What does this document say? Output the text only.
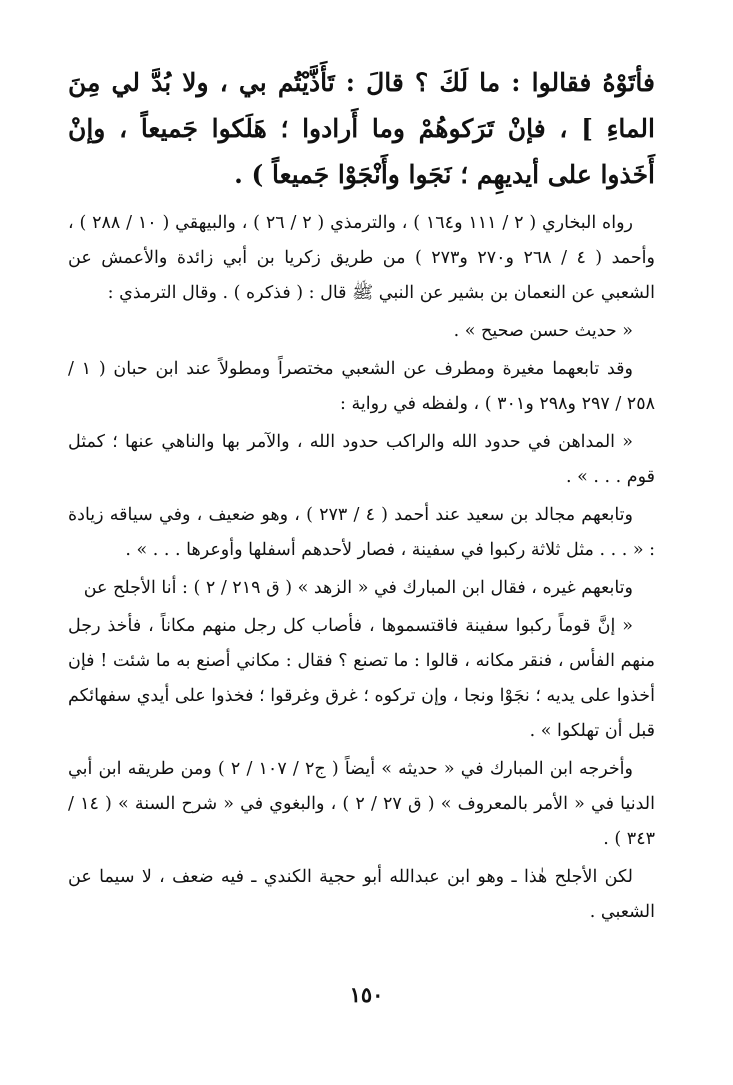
فأتَوْهُ فقالوا : ما لَكَ ؟ قالَ : تَأَذَّيْتُم بي ، ولا بُدَّ لي مِنَ الماءِ ] ، فإنْ تَرَكوهُمْ وما أَرادوا ؛ هَلَكوا جَميعاً ، وإنْ أَخَذوا على أيديهِم ؛ نَجَوا وأَنْجَوْا جَميعاً ) .

رواه البخاري ( ٢ / ١١١ و١٦٤ ) ، والترمذي ( ٢ / ٢٦ ) ، والبيهقي ( ١٠ / ٢٨٨ ) ، وأحمد ( ٤ / ٢٦٨ و٢٧٠ و٢٧٣ ) من طريق زكريا بن أبي زائدة والأعمش عن الشعبي عن النعمان بن بشير عن النبي ﷺ قال : ( فذكره ) . وقال الترمذي :

« حديث حسن صحيح » .

وقد تابعهما مغيرة ومطرف عن الشعبي مختصراً ومطولاً عند ابن حبان ( ١ / ٢٥٨ / ٢٩٧ و٢٩٨ و٣٠١ ) ، ولفظه في رواية :

« المداهن في حدود الله والراكب حدود الله ، والآمر بها والناهي عنها ؛ كمثل قوم . . . » .

وتابعهم مجالد بن سعيد عند أحمد ( ٤ / ٢٧٣ ) ، وهو ضعيف ، وفي سياقه زيادة : « . . . مثل ثلاثة ركبوا في سفينة ، فصار لأحدهم أسفلها وأوعرها . . . » .

وتابعهم غيره ، فقال ابن المبارك في « الزهد » ( ق ٢١٩ / ٢ ) : أنا الأجلح عن

« إنَّ قوماً ركبوا سفينة فاقتسموها ، فأصاب كل رجل منهم مكاناً ، فأخذ رجل منهم الفأس ، فنقر مكانه ، قالوا : ما تصنع ؟ فقال : مكاني أصنع به ما شئت ! فإن أخذوا على يديه ؛ نجَوْا ونجا ، وإن تركوه ؛ غرق وغرقوا ؛ فخذوا على أيدي سفهائكم قبل أن تهلكوا » .

وأخرجه ابن المبارك في « حديثه » أيضاً ( ج٢ / ١٠٧ / ٢ ) ومن طريقه ابن أبي الدنيا في « الأمر بالمعروف » ( ق ٢٧ / ٢ ) ، والبغوي في « شرح السنة » ( ١٤ / ٣٤٣ ) .

لكن الأجلح هٰذا ـ وهو ابن عبدالله أبو حجية الكندي ـ فيه ضعف ، لا سيما عن الشعبي .

١٥٠
